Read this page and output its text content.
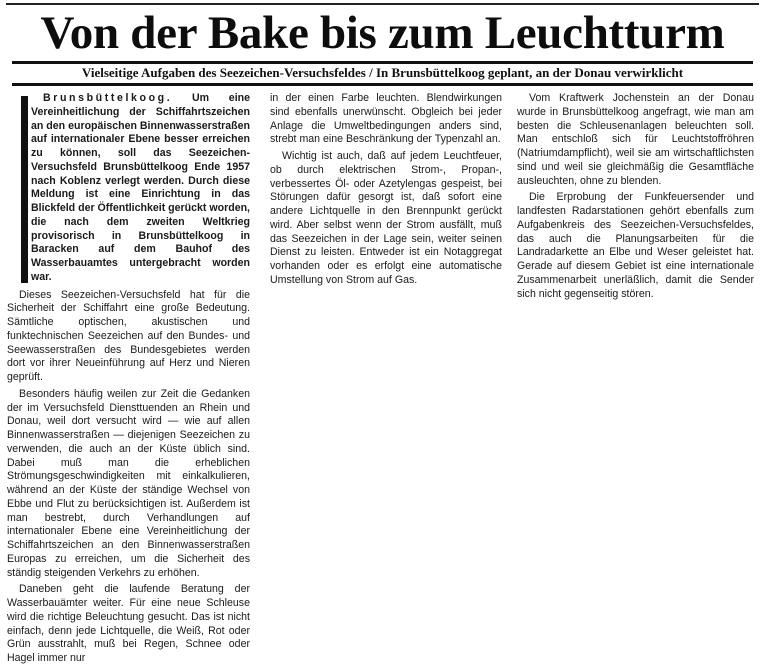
Von der Bake bis zum Leuchtturm
Vielseitige Aufgaben des Seezeichen-Versuchsfeldes / In Brunsbüttelkoog geplant, an der Donau verwirklicht

Brunsbüttelkoog. Um eine Vereinheitlichung der Schiffahrtszeichen an den europäischen Binnenwasserstraßen auf internationaler Ebene besser erreichen zu können, soll das Seezeichen-Versuchsfeld Brunsbüttelkoog Ende 1957 nach Koblenz verlegt werden. Durch diese Meldung ist eine Einrichtung in das Blickfeld der Öffentlichkeit gerückt worden, die nach dem zweiten Weltkrieg provisorisch in Brunsbüttelkoog in Baracken auf dem Bauhof des Wasserbauamtes untergebracht worden war.

Dieses Seezeichen-Versuchsfeld hat für die Sicherheit der Schiffahrt eine große Bedeutung. Sämtliche optischen, akustischen und funktechnischen Seezeichen auf den Bundes- und Seewasserstraßen des Bundesgebietes werden dort vor ihrer Neueinführung auf Herz und Nieren geprüft.

Besonders häufig weilen zur Zeit die Gedanken der im Versuchsfeld Diensttuenden an Rhein und Donau, weil dort versucht wird — wie auf allen Binnenwasserstraßen — diejenigen Seezeichen zu verwenden, die auch an der Küste üblich sind. Dabei muß man die erheblichen Strömungsgeschwindigkeiten mit einkalkulieren, während an der Küste der ständige Wechsel von Ebbe und Flut zu berücksichtigen ist. Außerdem ist man bestrebt, durch Verhandlungen auf internationaler Ebene eine Vereinheitlichung der Schiffahrtszeichen an den Binnenwasserstraßen Europas zu erreichen, um die Sicherheit des ständig steigenden Verkehrs zu erhöhen.

Daneben geht die laufende Beratung der Wasserbauämter weiter. Für eine neue Schleuse wird die richtige Beleuchtung gesucht. Das ist nicht einfach, denn jede Lichtquelle, die Weiß, Rot oder Grün ausstrahlt, muß bei Regen, Schnee oder Hagel immer nur

in der einen Farbe leuchten. Blendwirkungen sind ebenfalls unerwünscht. Obgleich bei jeder Anlage die Umweltbedingungen anders sind, strebt man eine Beschränkung der Typenzahl an.

Wichtig ist auch, daß auf jedem Leuchtfeuer, ob durch elektrischen Strom-, Propan-, verbessertes Öl- oder Azetylengas gespeist, bei Störungen dafür gesorgt ist, daß sofort eine andere Lichtquelle in den Brennpunkt gerückt wird. Aber selbst wenn der Strom ausfällt, muß das Seezeichen in der Lage sein, weiter seinen Dienst zu leisten. Entweder ist ein Notaggregat vorhanden oder es erfolgt eine automatische Umstellung von Strom auf Gas.

Vom Kraftwerk Jochenstein an der Donau wurde in Brunsbüttelkoog angefragt, wie man am besten die Schleusenanlagen beleuchten soll. Man entschloß sich für Leuchtstoffröhren (Natriumdampflicht), weil sie am wirtschaftlichsten sind und weil sie gleichmäßig die Gesamtfläche ausleuchten, ohne zu blenden.

Die Erprobung der Funkfeuersender und landfesten Radarstationen gehört ebenfalls zum Aufgabenkreis des Seezeichen-Versuchsfeldes, das auch die Planungsarbeiten für die Landradarkette an Elbe und Weser geleistet hat. Gerade auf diesem Gebiet ist eine internationale Zusammenarbeit unerläßlich, damit die Sender sich nicht gegenseitig stören.
